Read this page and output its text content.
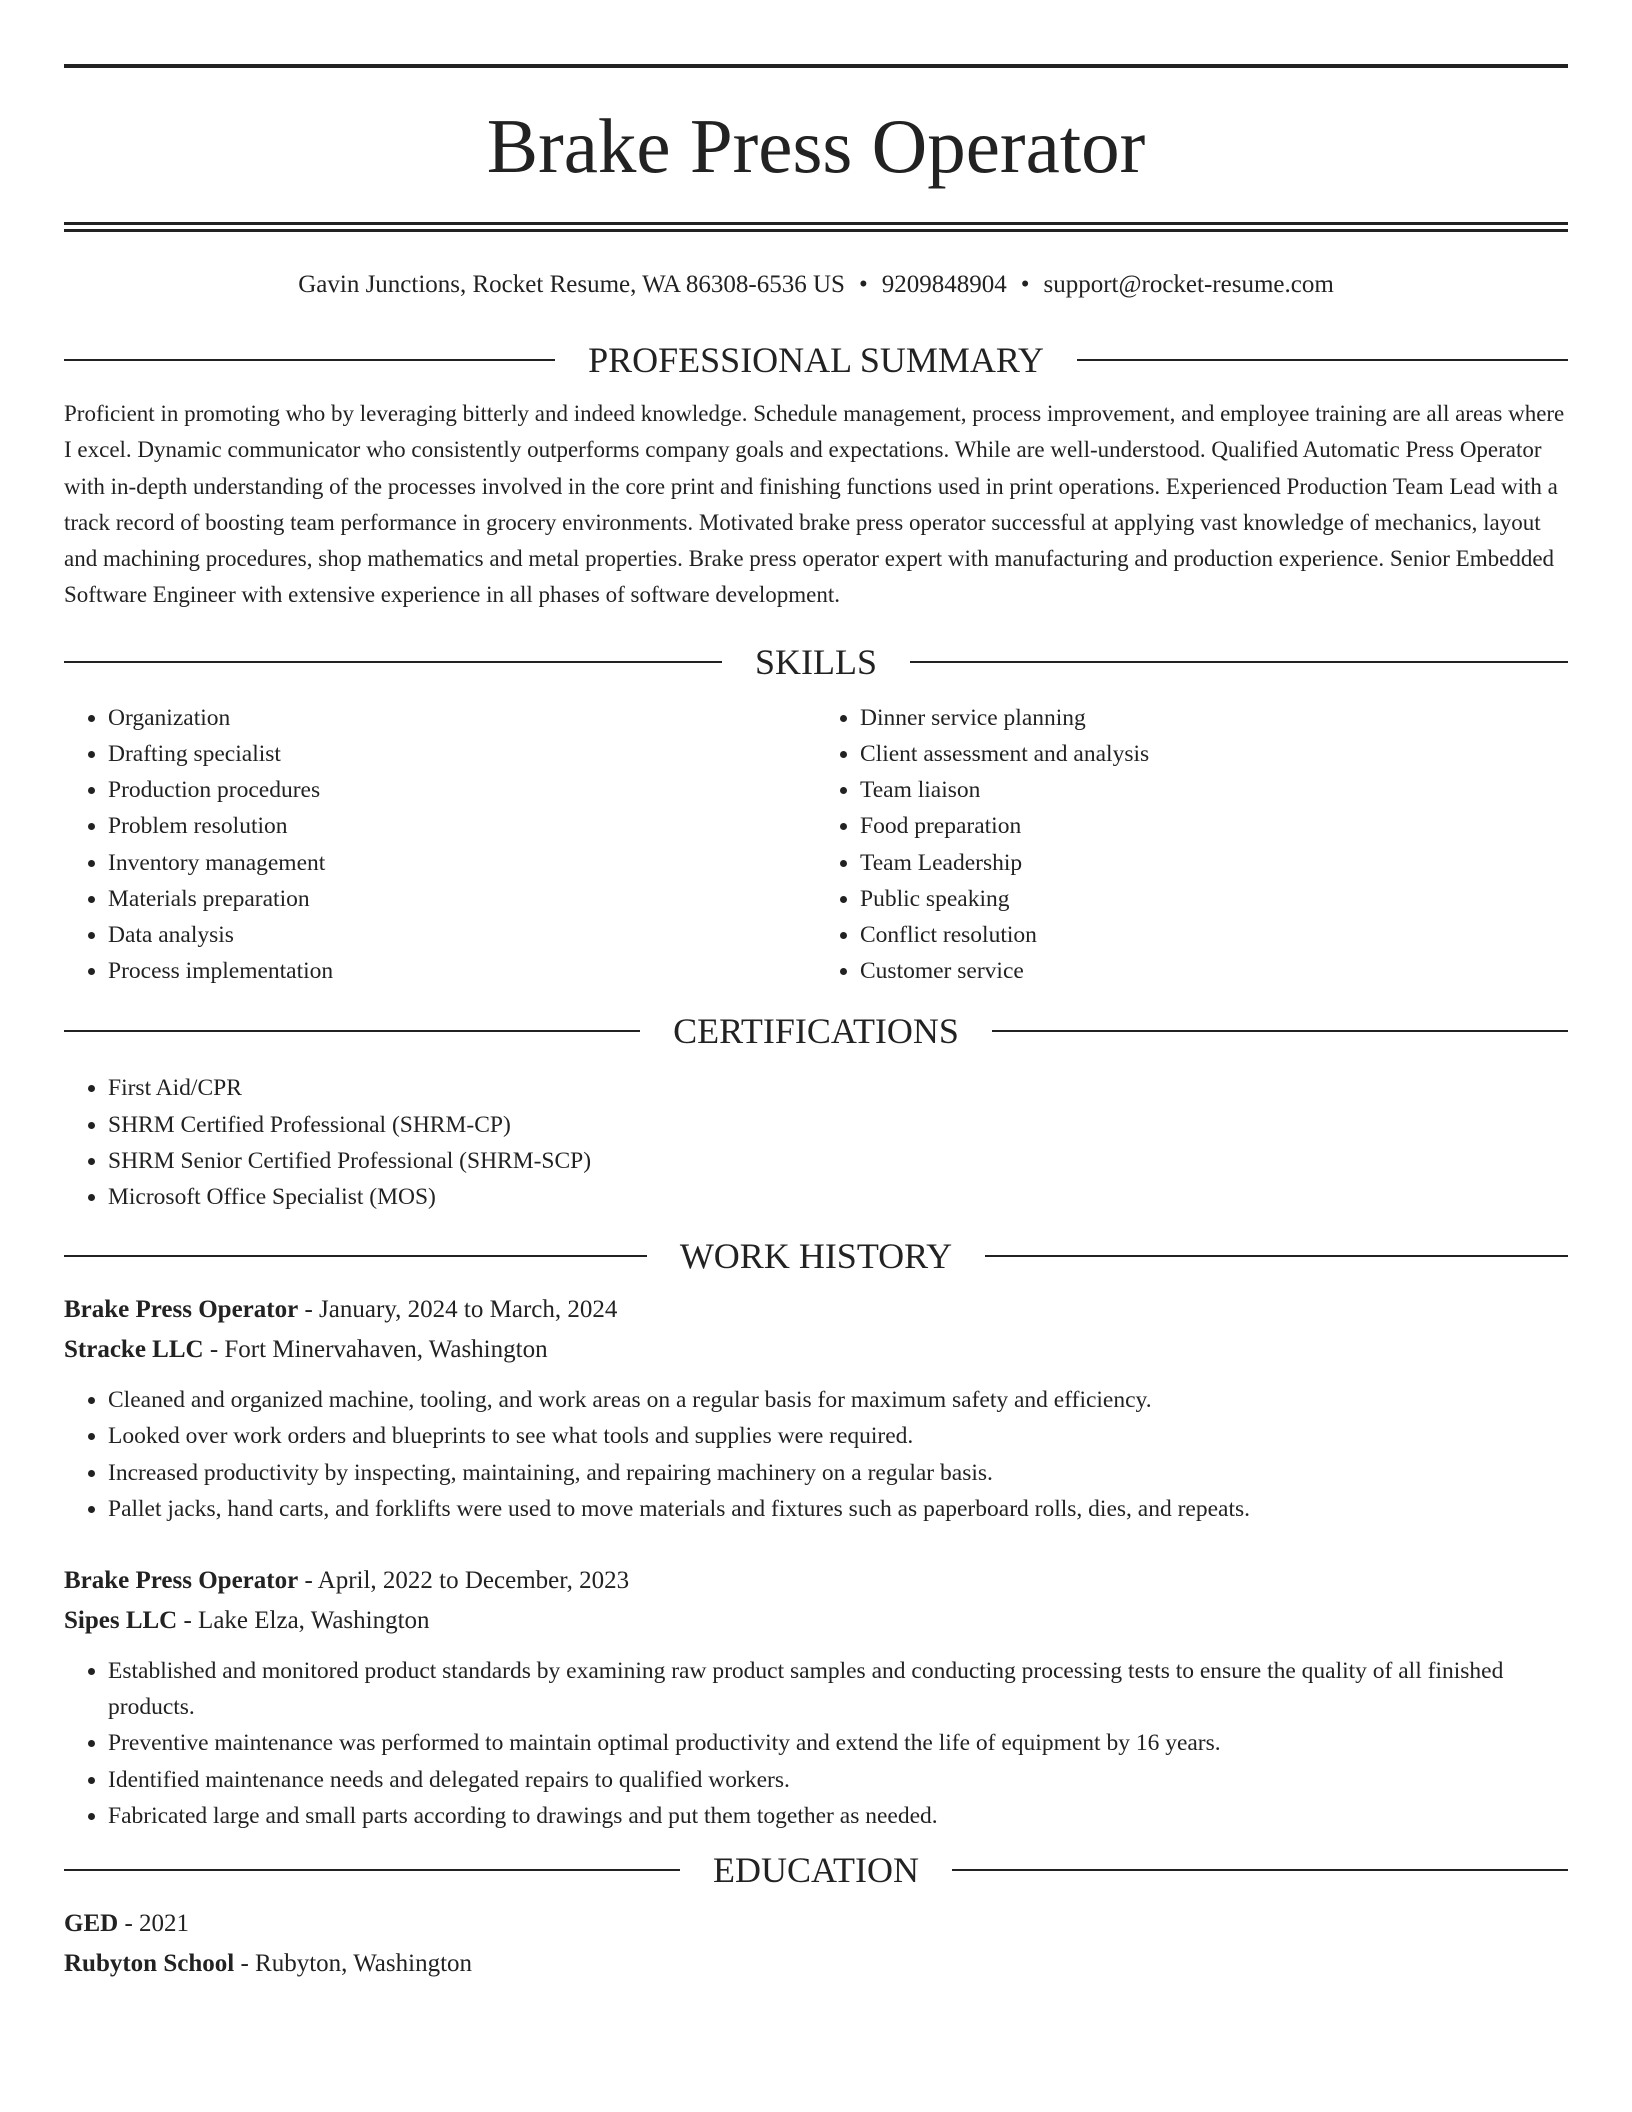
Brake Press Operator
Gavin Junctions, Rocket Resume, WA 86308-6536 US • 9209848904 • support@rocket-resume.com
PROFESSIONAL SUMMARY

Proficient in promoting who by leveraging bitterly and indeed knowledge. Schedule management, process improvement, and employee training are all areas where I excel. Dynamic communicator who consistently outperforms company goals and expectations. While are well-understood. Qualified Automatic Press Operator with in-depth understanding of the processes involved in the core print and finishing functions used in print operations. Experienced Production Team Lead with a track record of boosting team performance in grocery environments. Motivated brake press operator successful at applying vast knowledge of mechanics, layout and machining procedures, shop mathematics and metal properties. Brake press operator expert with manufacturing and production experience. Senior Embedded Software Engineer with extensive experience in all phases of software development.

SKILLS
• Organization
• Drafting specialist
• Production procedures
• Problem resolution
• Inventory management
• Materials preparation
• Data analysis
• Process implementation
• Dinner service planning
• Client assessment and analysis
• Team liaison
• Food preparation
• Team Leadership
• Public speaking
• Conflict resolution
• Customer service
CERTIFICATIONS
• First Aid/CPR
• SHRM Certified Professional (SHRM-CP)
• SHRM Senior Certified Professional (SHRM-SCP)
• Microsoft Office Specialist (MOS)
WORK HISTORY
Brake Press Operator - January, 2024 to March, 2024
Stracke LLC - Fort Minervahaven, Washington
• Cleaned and organized machine, tooling, and work areas on a regular basis for maximum safety and efficiency.
• Looked over work orders and blueprints to see what tools and supplies were required.
• Increased productivity by inspecting, maintaining, and repairing machinery on a regular basis.
• Pallet jacks, hand carts, and forklifts were used to move materials and fixtures such as paperboard rolls, dies, and repeats.
Brake Press Operator - April, 2022 to December, 2023
Sipes LLC - Lake Elza, Washington
• Established and monitored product standards by examining raw product samples and conducting processing tests to ensure the quality of all finished products.
• Preventive maintenance was performed to maintain optimal productivity and extend the life of equipment by 16 years.
• Identified maintenance needs and delegated repairs to qualified workers.
• Fabricated large and small parts according to drawings and put them together as needed.
EDUCATION
GED - 2021
Rubyton School - Rubyton, Washington
